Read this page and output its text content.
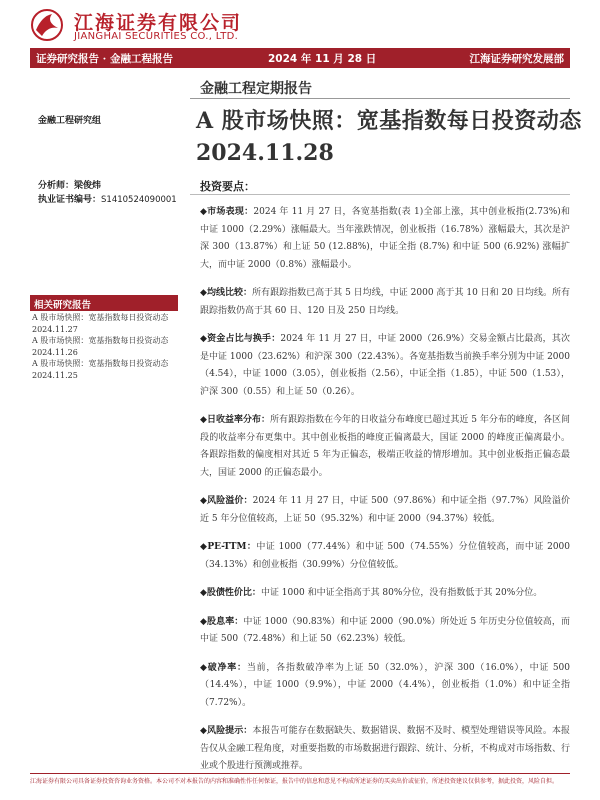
江海证券有限公司
JIANGHAI SECURITIES CO., LTD.
证券研究报告 · 金融工程报告	2024 年 11 月 28 日	江海证券研究发展部
金融工程定期报告
金融工程研究组	A 股市场快照：宽基指数每日投资动态
2024.11.28
分析师：梁俊炜
执业证书编号：S1410524090001
投资要点：
相关研究报告
A 股市场快照：宽基指数每日投资动态 2024.11.27
A 股市场快照：宽基指数每日投资动态 2024.11.26
A 股市场快照：宽基指数每日投资动态 2024.11.25

◆市场表现：2024 年 11 月 27 日，各宽基指数(表 1)全部上涨，其中创业板指(2.73%)和中证 1000（2.29%）涨幅最大。当年涨跌情况，创业板指（16.78%）涨幅最大，其次是沪深 300（13.87%）和上证 50 (12.88%)，中证全指 (8.7%) 和中证 500 (6.92%) 涨幅扩大，而中证 2000（0.8%）涨幅最小。

◆均线比较：所有跟踪指数已高于其 5 日均线，中证 2000 高于其 10 日和 20 日均线。所有跟踪指数仍高于其 60 日、120 日及 250 日均线。

◆资金占比与换手：2024 年 11 月 27 日，中证 2000（26.9%）交易金额占比最高，其次是中证 1000（23.62%）和沪深 300（22.43%）。各宽基指数当前换手率分别为中证 2000（4.54），中证 1000（3.05），创业板指（2.56），中证全指（1.85），中证 500（1.53），沪深 300（0.55）和上证 50（0.26）。

◆日收益率分布：所有跟踪指数在今年的日收益分布峰度已超过其近 5 年分布的峰度，各区间段的收益率分布更集中。其中创业板指的峰度正偏离最大，国证 2000 的峰度正偏离最小。各跟踪指数的偏度相对其近 5 年为正偏态，极端正收益的情形增加。其中创业板指正偏态最大，国证 2000 的正偏态最小。

◆风险溢价：2024 年 11 月 27 日，中证 500（97.86%）和中证全指（97.7%）风险溢价近 5 年分位值较高，上证 50（95.32%）和中证 2000（94.37%）较低。

◆PE-TTM：中证 1000（77.44%）和中证 500（74.55%）分位值较高，而中证 2000（34.13%）和创业板指（30.99%）分位值较低。

◆股债性价比：中证 1000 和中证全指高于其 80%分位，没有指数低于其 20%分位。

◆股息率：中证 1000（90.83%）和中证 2000（90.0%）所处近 5 年历史分位值较高，而中证 500（72.48%）和上证 50（62.23%）较低。

◆破净率：当前，各指数破净率为上证 50（32.0%），沪深 300（16.0%），中证 500（14.4%），中证 1000（9.9%），中证 2000（4.4%），创业板指（1.0%）和中证全指（7.72%）。

◆风险提示：本报告可能存在数据缺失、数据错误、数据不及时、模型处理错误等风险。本报告仅从金融工程角度，对重要指数的市场数据进行跟踪、统计、分析，不构成对市场指数、行业或个股进行预测或推荐。

江海证券有限公司具备证券投资咨询业务资格。本公司不对本报告的内容和准确性作任何保证，报告中的信息和意见不构成所述证券的买卖出价或征价，所述投资建议仅供参考，据此投资，风险自担。
